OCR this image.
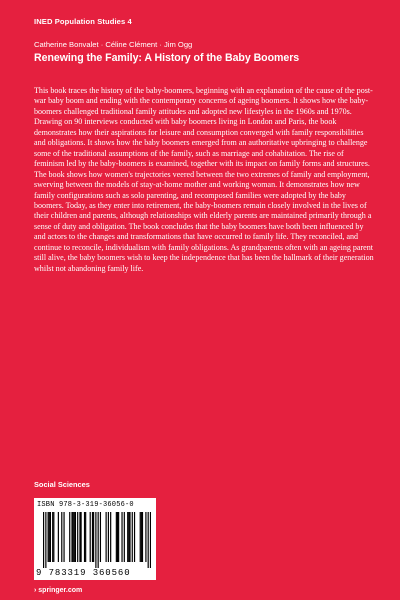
INED Population Studies 4
Catherine Bonvalet · Céline Clément · Jim Ogg
Renewing the Family: A History of the Baby Boomers

This book traces the history of the baby-boomers, beginning with an explanation of the cause of the post-war baby boom and ending with the contemporary concerns of ageing boomers. It shows how the baby-boomers challenged traditional family attitudes and adopted new lifestyles in the 1960s and 1970s. Drawing on 90 interviews conducted with baby boomers living in London and Paris, the book demonstrates how their aspirations for leisure and consumption converged with family responsibilities and obligations. It shows how the baby boomers emerged from an authoritative upbringing to challenge some of the traditional assumptions of the family, such as marriage and cohabitation. The rise of feminism led by the baby-boomers is examined, together with its impact on family forms and structures. The book shows how women's trajectories veered between the two extremes of family and employment, swerving between the models of stay-at-home mother and working woman. It demonstrates how new family configurations such as solo parenting, and recomposed families were adopted by the baby boomers. Today, as they enter into retirement, the baby-boomers remain closely involved in the lives of their children and parents, although relationships with elderly parents are maintained primarily through a sense of duty and obligation. The book concludes that the baby boomers have both been influenced by and actors to the changes and transformations that have occurred to family life. They reconciled, and continue to reconcile, individualism with family obligations. As grandparents often with an ageing parent still alive, the baby boomers wish to keep the independence that has been the hallmark of their generation whilst not abandoning family life.

Social Sciences
ISBN 978-3-319-36056-0
9 783319 360560
› springer.com
